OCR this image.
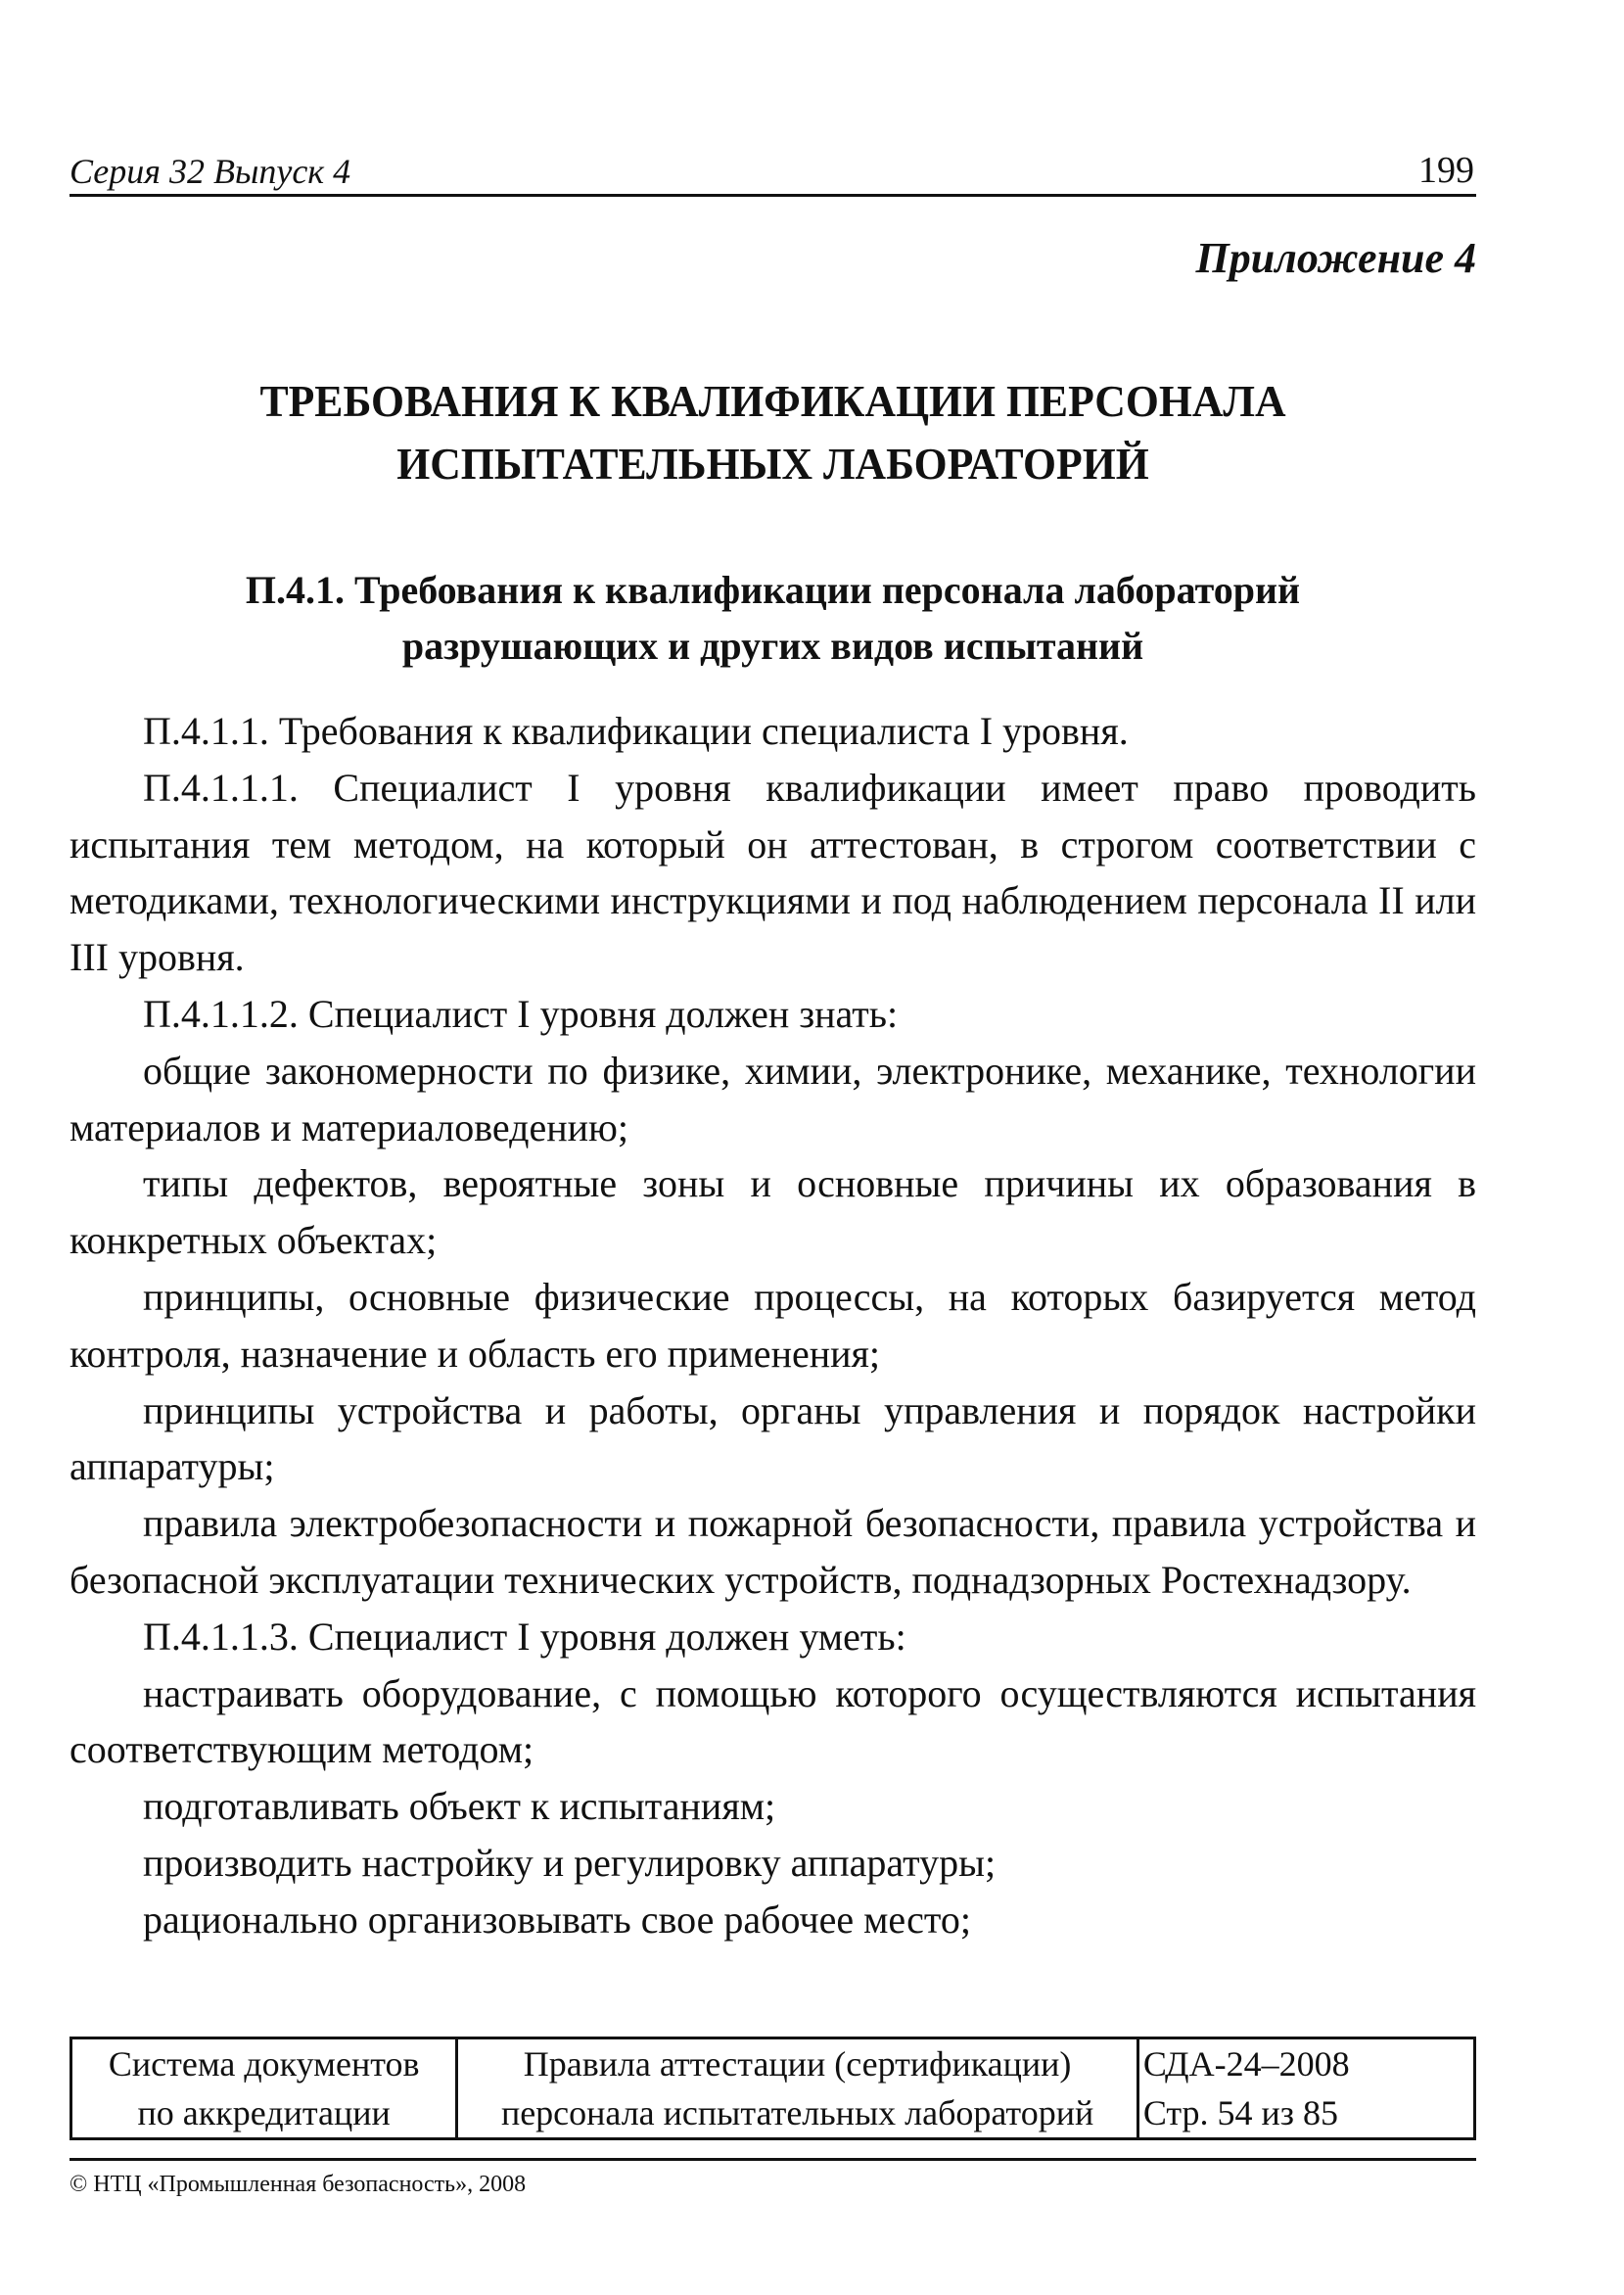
Серия 32 Выпуск 4	199
Приложение 4
ТРЕБОВАНИЯ К КВАЛИФИКАЦИИ ПЕРСОНАЛА
ИСПЫТАТЕЛЬНЫХ ЛАБОРАТОРИЙ
П.4.1. Требования к квалификации персонала лабораторий
разрушающих и других видов испытаний

П.4.1.1. Требования к квалификации специалиста I уровня.

П.4.1.1.1. Специалист I уровня квалификации имеет право проводить испытания тем методом, на который он аттестован, в строгом соответствии с методиками, технологическими инструкциями и под наблюдением персонала II или III уровня.

П.4.1.1.2. Специалист I уровня должен знать:

общие закономерности по физике, химии, электронике, механике, технологии материалов и материаловедению;

типы дефектов, вероятные зоны и основные причины их образования в конкретных объектах;

принципы, основные физические процессы, на которых базируется метод контроля, назначение и область его применения;

принципы устройства и работы, органы управления и порядок настройки аппаратуры;

правила электробезопасности и пожарной безопасности, правила устройства и безопасной эксплуатации технических устройств, поднадзорных Ростехнадзору.

П.4.1.1.3. Специалист I уровня должен уметь:

настраивать оборудование, с помощью которого осуществляются испытания соответствующим методом;

подготавливать объект к испытаниям;

производить настройку и регулировку аппаратуры;

рационально организовывать свое рабочее место;

Система документов
по аккредитации

Правила аттестации (сертификации)
персонала испытательных лабораторий

СДА-24–2008
Стр. 54 из 85
© НТЦ «Промышленная безопасность», 2008
